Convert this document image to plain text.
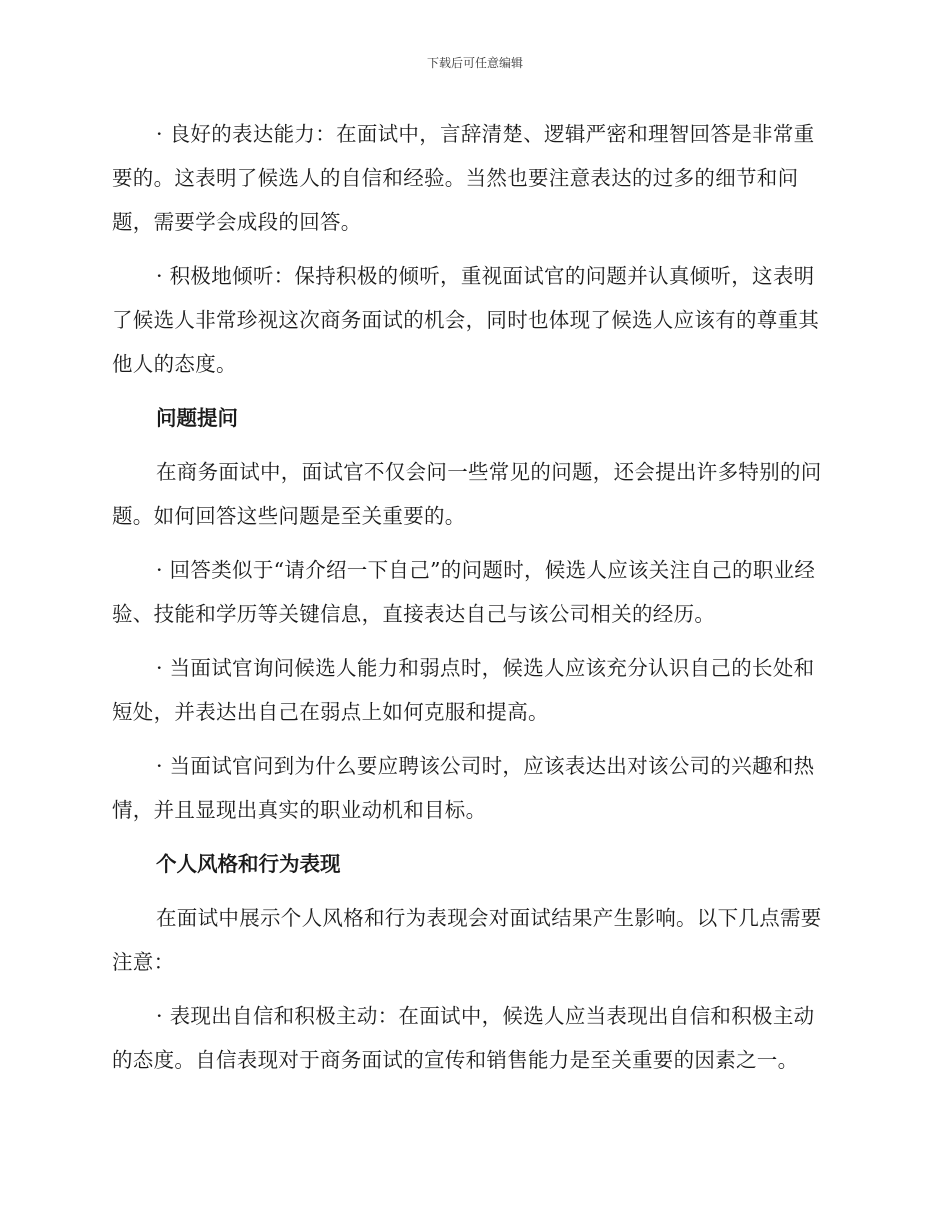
下载后可任意编辑

· 良好的表达能力：在面试中，言辞清楚、逻辑严密和理智回答是非常重要的。这表明了候选人的自信和经验。当然也要注意表达的过多的细节和问题，需要学会成段的回答。

· 积极地倾听：保持积极的倾听，重视面试官的问题并认真倾听，这表明了候选人非常珍视这次商务面试的机会，同时也体现了候选人应该有的尊重其他人的态度。

问题提问

在商务面试中，面试官不仅会问一些常见的问题，还会提出许多特别的问题。如何回答这些问题是至关重要的。

· 回答类似于“请介绍一下自己”的问题时，候选人应该关注自己的职业经验、技能和学历等关键信息，直接表达自己与该公司相关的经历。

· 当面试官询问候选人能力和弱点时，候选人应该充分认识自己的长处和短处，并表达出自己在弱点上如何克服和提高。

· 当面试官问到为什么要应聘该公司时，应该表达出对该公司的兴趣和热情，并且显现出真实的职业动机和目标。

个人风格和行为表现

在面试中展示个人风格和行为表现会对面试结果产生影响。以下几点需要注意：

· 表现出自信和积极主动：在面试中，候选人应当表现出自信和积极主动的态度。自信表现对于商务面试的宣传和销售能力是至关重要的因素之一。
